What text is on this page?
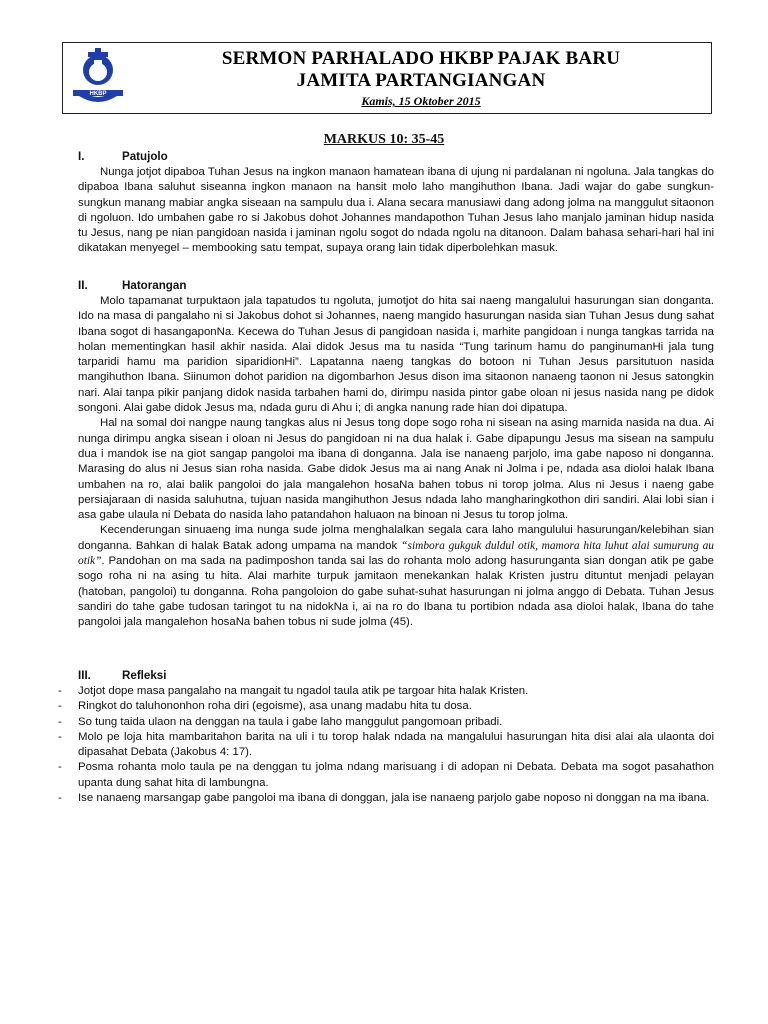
HKBP
SERMON PARHALADO HKBP PAJAK BARU
JAMITA PARTANGIANGAN
Kamis, 15 Oktober 2015
MARKUS 10: 35-45
I.	Patujolo

Nunga jotjot dipaboa Tuhan Jesus na ingkon manaon hamatean ibana di ujung ni pardalanan ni ngoluna. Jala tangkas do dipaboa Ibana saluhut siseanna ingkon manaon na hansit molo laho mangihuthon Ibana. Jadi wajar do gabe sungkun-sungkun manang mabiar angka siseaan na sampulu dua i. Alana secara manusiawi dang adong jolma na manggulut sitaonon di ngoluon. Ido umbahen gabe ro si Jakobus dohot Johannes mandapothon Tuhan Jesus laho manjalo jaminan hidup nasida tu Jesus, nang pe nian pangidoan nasida i jaminan ngolu sogot do ndada ngolu na ditanoon. Dalam bahasa sehari-hari hal ini dikatakan menyegel – membooking satu tempat, supaya orang lain tidak diperbolehkan masuk.

II.	Hatorangan

Molo tapamanat turpuktaon jala tapatudos tu ngoluta, jumotjot do hita sai naeng mangalului hasurungan sian donganta. Ido na masa di pangalaho ni si Jakobus dohot si Johannes, naeng mangido hasurungan nasida sian Tuhan Jesus dung sahat Ibana sogot di hasangaponNa. Kecewa do Tuhan Jesus di pangidoan nasida i, marhite pangidoan i nunga tangkas tarrida na holan mementingkan hasil akhir nasida. Alai didok Jesus ma tu nasida “Tung tarinum hamu do panginumanHi jala tung tarparidi hamu ma paridion siparidionHi”. Lapatanna naeng tangkas do botoon ni Tuhan Jesus parsitutuon nasida mangihuthon Ibana. Siinumon dohot paridion na digombarhon Jesus dison ima sitaonon nanaeng taonon ni Jesus satongkin nari. Alai tanpa pikir panjang didok nasida tarbahen hami do, dirimpu nasida pintor gabe oloan ni jesus nasida nang pe didok songoni. Alai gabe didok Jesus ma, ndada guru di Ahu i; di angka nanung rade hian doi dipatupa.

Hal na somal doi nangpe naung tangkas alus ni Jesus tong dope sogo roha ni sisean na asing marnida nasida na dua. Ai nunga dirimpu angka sisean i oloan ni Jesus do pangidoan ni na dua halak i. Gabe dipapungu Jesus ma sisean na sampulu dua i mandok ise na giot sangap pangoloi ma ibana di donganna. Jala ise nanaeng parjolo, ima gabe naposo ni donganna. Marasing do alus ni Jesus sian roha nasida. Gabe didok Jesus ma ai nang Anak ni Jolma i pe, ndada asa dioloi halak Ibana umbahen na ro, alai balik pangoloi do jala mangalehon hosaNa bahen tobus ni torop jolma. Alus ni Jesus i naeng gabe persiajaraan di nasida saluhutna, tujuan nasida mangihuthon Jesus ndada laho mangharingkothon diri sandiri. Alai lobi sian i asa gabe ulaula ni Debata do nasida laho patandahon haluaon na binoan ni Jesus tu torop jolma.

Kecenderungan sinuaeng ima nunga sude jolma menghalalkan segala cara laho mangulului hasurungan/kelebihan sian donganna. Bahkan di halak Batak adong umpama na mandok “simbora gukguk duldul otik, mamora hita luhut alai sumurung au otik”. Pandohan on ma sada na padimposhon tanda sai las do rohanta molo adong hasurunganta sian dongan atik pe gabe sogo roha ni na asing tu hita. Alai marhite turpuk jamitaon menekankan halak Kristen justru dituntut menjadi pelayan (hatoban, pangoloi) tu donganna. Roha pangoloion do gabe suhat-suhat hasurungan ni jolma anggo di Debata. Tuhan Jesus sandiri do tahe gabe tudosan taringot tu na nidokNa i, ai na ro do Ibana tu portibion ndada asa dioloi halak, Ibana do tahe pangoloi jala mangalehon hosaNa bahen tobus ni sude jolma (45).

III.	Refleksi
-	Jotjot dope masa pangalaho na mangait tu ngadol taula atik pe targoar hita halak Kristen.
-	Ringkot do taluhononhon roha diri (egoisme), asa unang madabu hita tu dosa.
-	So tung taida ulaon na denggan na taula i gabe laho manggulut pangomoan pribadi.
-	Molo pe loja hita mambaritahon barita na uli i tu torop halak ndada na mangalului hasurungan hita disi alai ala ulaonta doi dipasahat Debata (Jakobus 4: 17).
-	Posma rohanta molo taula pe na denggan tu jolma ndang marisuang i di adopan ni Debata. Debata ma sogot pasahathon upanta dung sahat hita di lambungna.
-	Ise nanaeng marsangap gabe pangoloi ma ibana di donggan, jala ise nanaeng parjolo gabe noposo ni donggan na ma ibana.
